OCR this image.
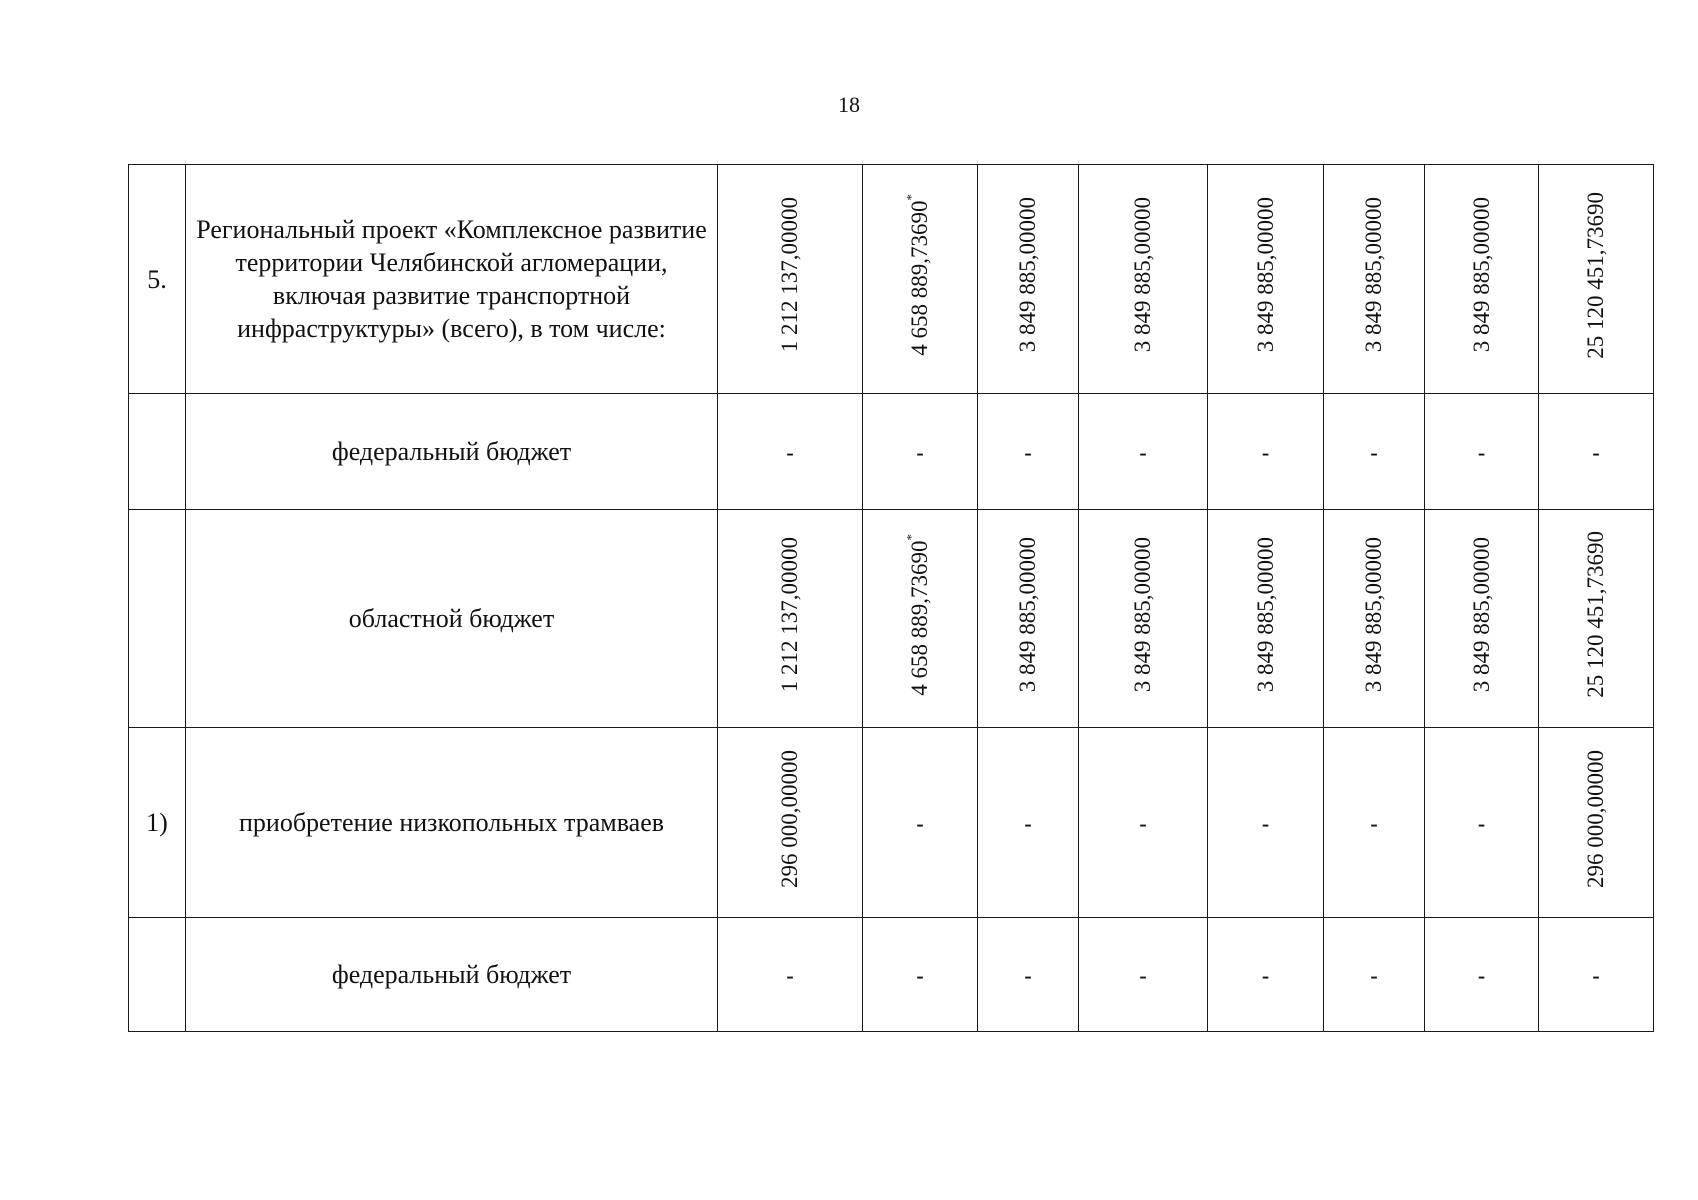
18
5.	Региональный проект «Комплексное развитие территории Челябинской агломерации, включая развитие транспортной инфраструктуры» (всего), в том числе:	1 212 137,00000	4 658 889,73690*	3 849 885,00000	3 849 885,00000	3 849 885,00000	3 849 885,00000	3 849 885,00000	25 120 451,73690
	федеральный бюджет	-	-	-	-	-	-	-	-
	областной бюджет	1 212 137,00000	4 658 889,73690*	3 849 885,00000	3 849 885,00000	3 849 885,00000	3 849 885,00000	3 849 885,00000	25 120 451,73690
1)	приобретение низкопольных трамваев	296 000,00000	-	-	-	-	-	-	296 000,00000
	федеральный бюджет	-	-	-	-	-	-	-	-
